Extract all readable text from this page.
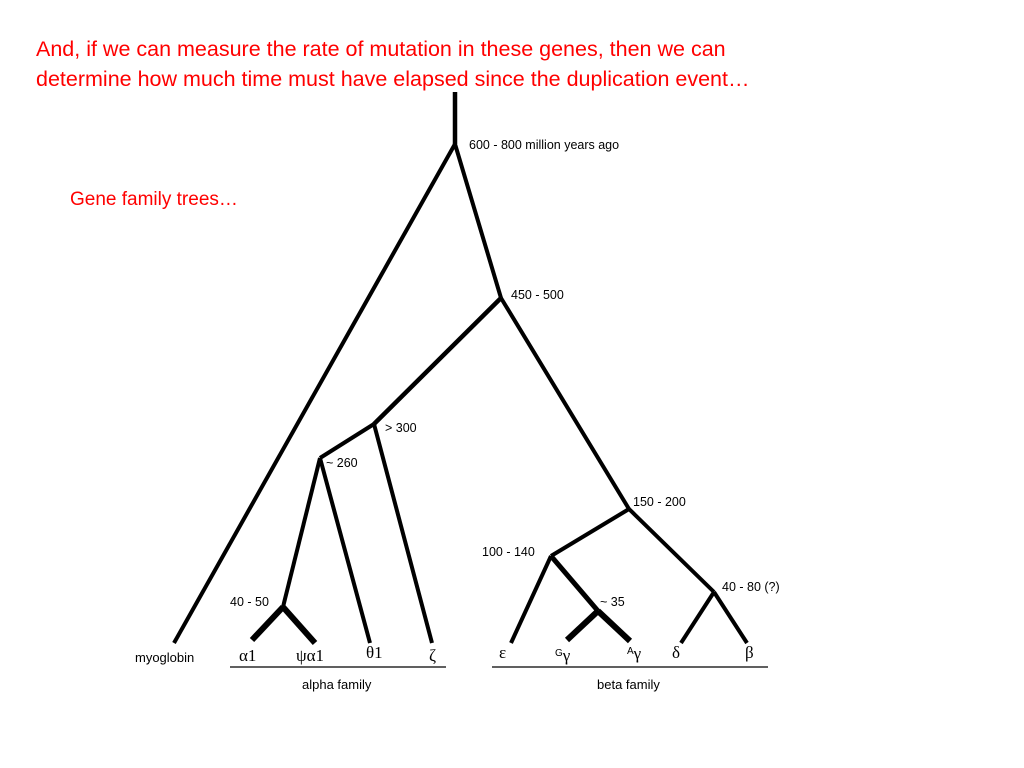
And, if we can measure the rate of mutation in these genes, then we can
determine how much time must have elapsed since the duplication event…

Gene family trees…

600 - 800 million years ago
450 - 500
> 300
~ 260
40 - 50
150 - 200
100 - 140
~ 35
40 - 80 (?)
myoglobin	α1 ψα1 θ1	ζ	ε	Gγ	$^A$γ δ	β
alpha family	beta family
